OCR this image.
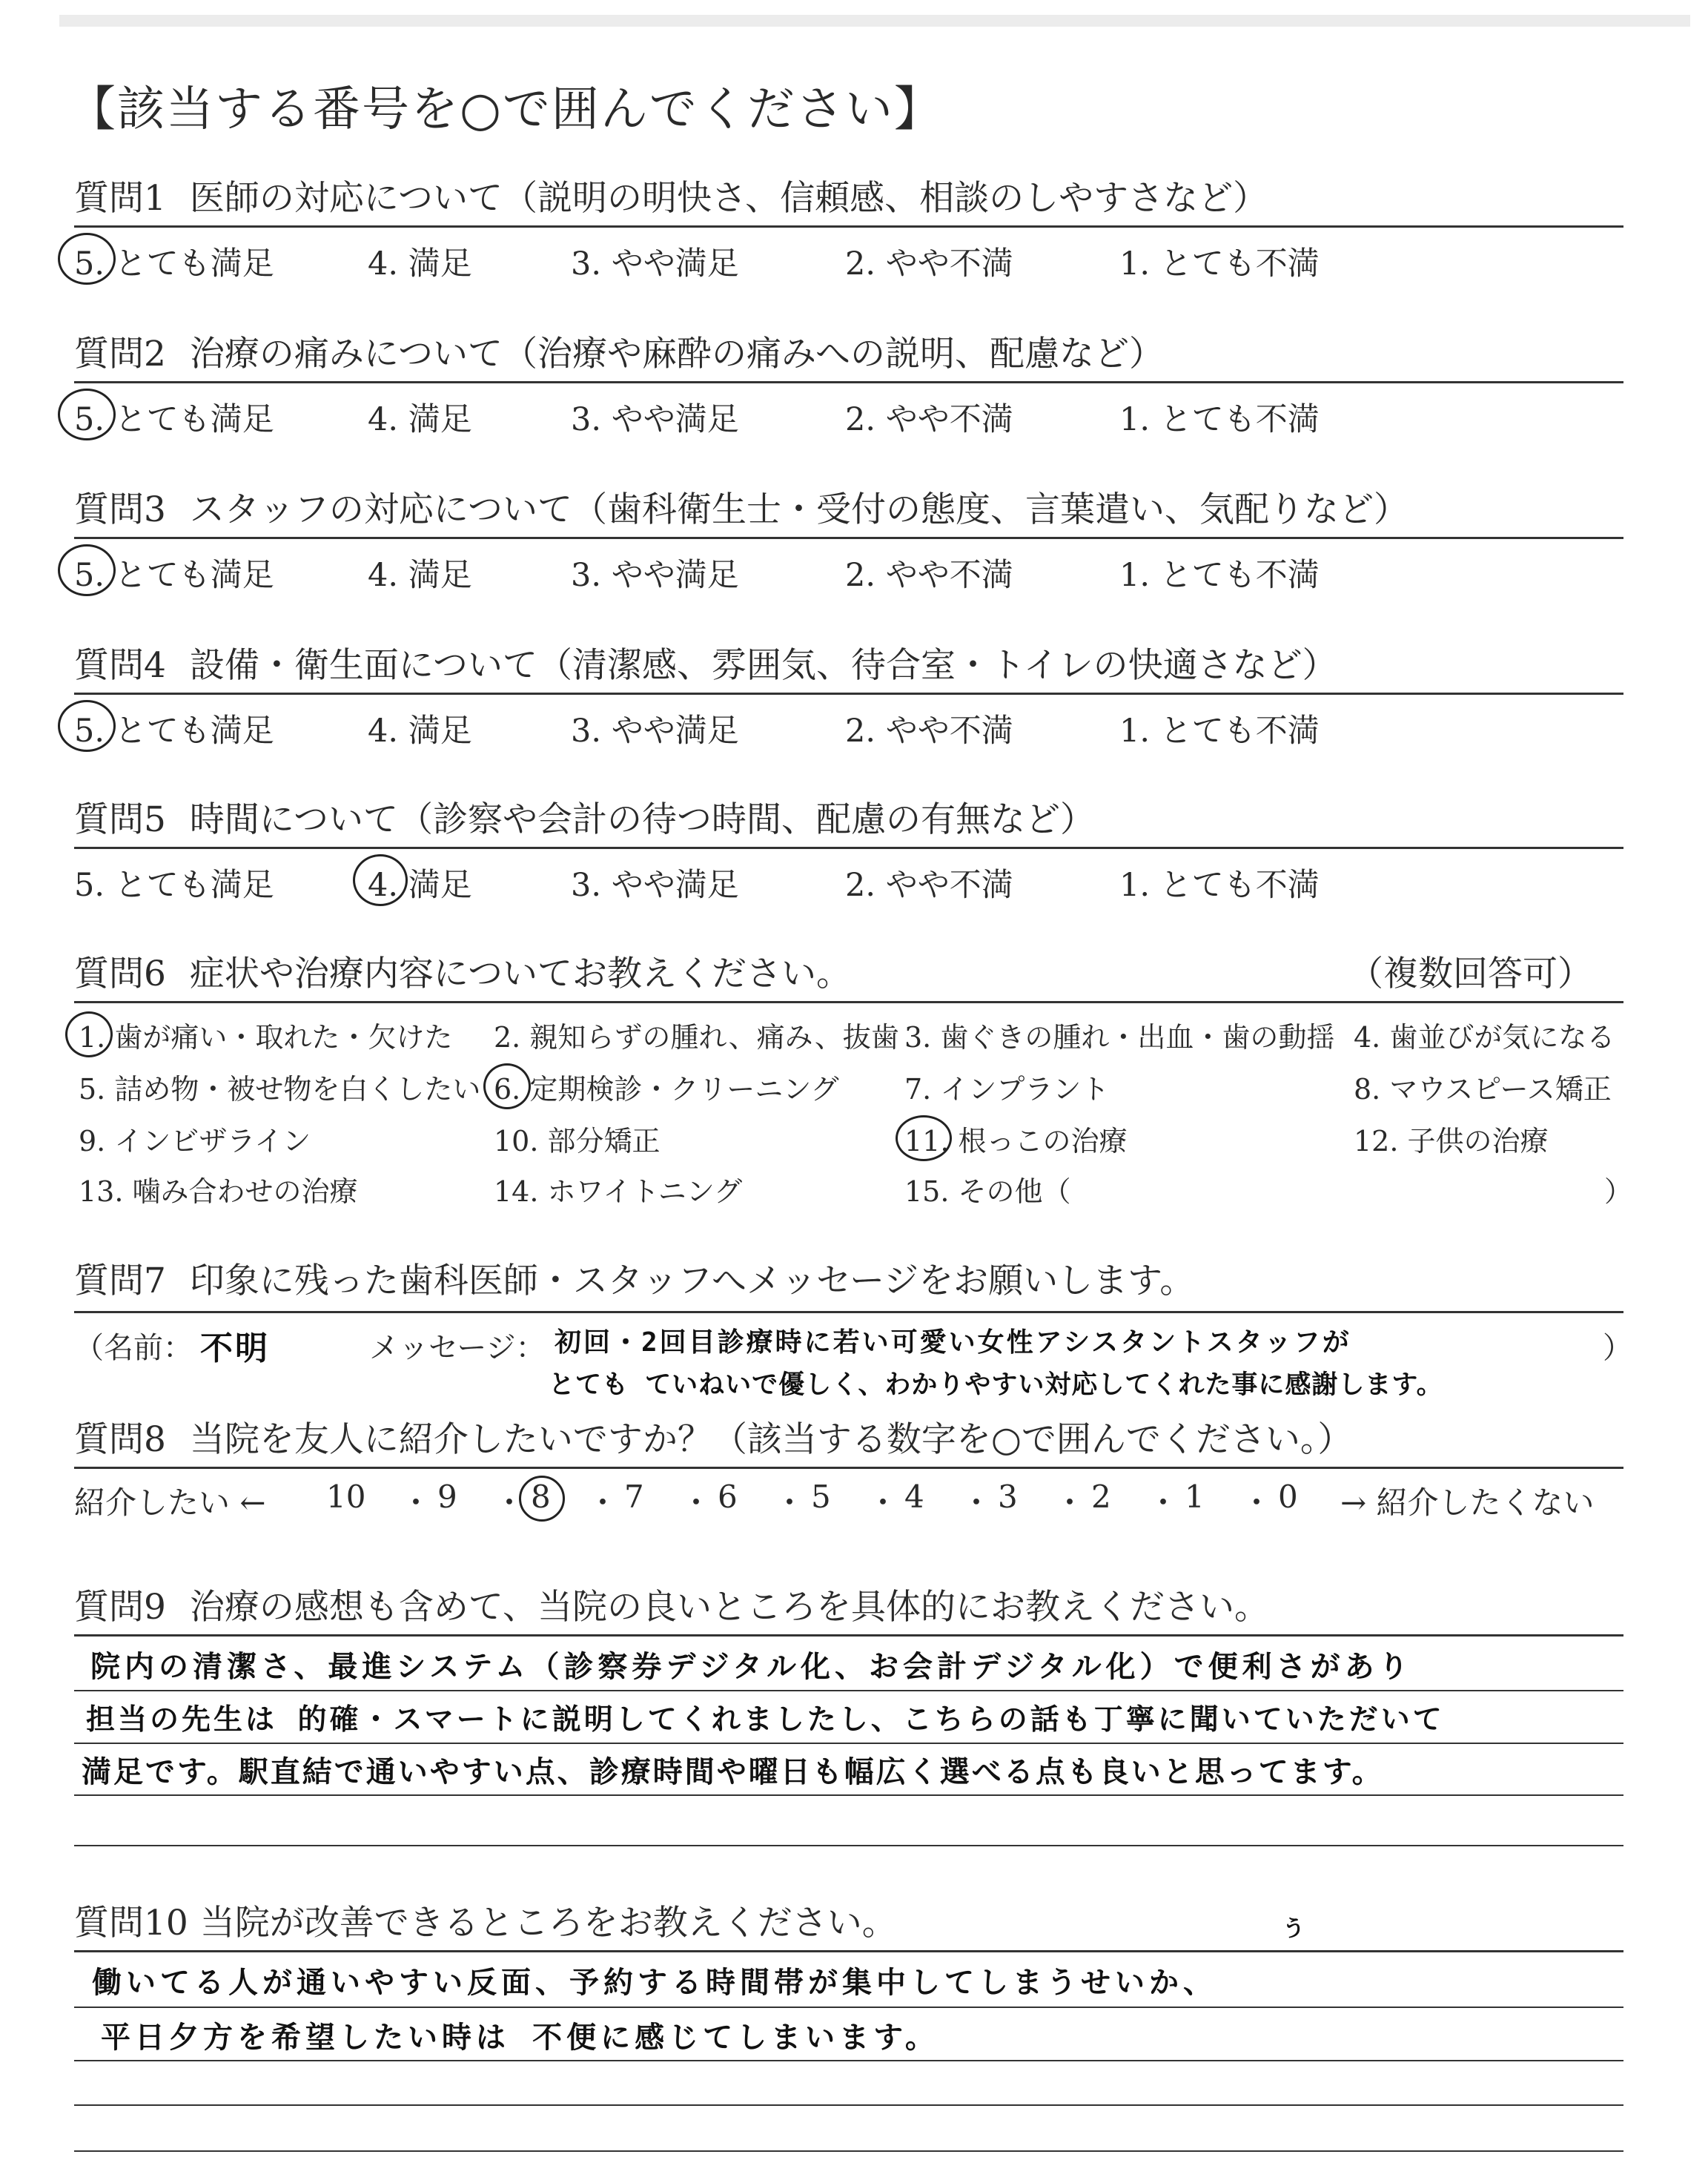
【該当する番号を○で囲んでください】
質問1 医師の対応について（説明の明快さ、信頼感、相談のしやすさなど）
5. とても満足	4. 満足	3. やや満足	2. やや不満	1. とても不満
質問2 治療の痛みについて（治療や麻酔の痛みへの説明、配慮など）
5. とても満足	4. 満足	3. やや満足	2. やや不満	1. とても不満
質問3 スタッフの対応について（歯科衛生士・受付の態度、言葉遣い、気配りなど）
5. とても満足	4. 満足	3. やや満足	2. やや不満	1. とても不満
質問4 設備・衛生面について（清潔感、雰囲気、待合室・トイレの快適さなど）
5. とても満足	4. 満足	3. やや満足	2. やや不満	1. とても不満
質問5 時間について（診察や会計の待つ時間、配慮の有無など）
5. とても満足	4. 満足	3. やや満足	2. やや不満	1. とても不満
質問6 症状や治療内容についてお教えください。	（複数回答可）
1. 歯が痛い・取れた・欠けた 2. 親知らずの腫れ、痛み、抜歯 3. 歯ぐきの腫れ・出血・歯の動揺 4. 歯並びが気になる
5. 詰め物・被せ物を白くしたい 6. 定期検診・クリーニング 7. インプラント	8. マウスピース矯正
9. インビザライン	10. 部分矯正	11. 根っこの治療	12. 子供の治療
13. 噛み合わせの治療	14. ホワイトニング	15. その他（	）
質問7 印象に残った歯科医師・スタッフへメッセージをお願いします。
（名前： 不明	メッセージ： 初回・2回目診療時に若い可愛い女性アシスタントスタッフが
とても ていねいで優しく、わかりやすい対応してくれた事に感謝します。
）
質問8 当院を友人に紹介したいですか？（該当する数字を○で囲んでください。）
紹介したい ← 10 9 8 7 6 5 4 3 2 1 0 → 紹介したくない
・ ・ ・ ・ ・ ・ ・ ・ ・ ・
質問9 治療の感想も含めて、当院の良いところを具体的にお教えください。
院内の清潔さ、最進システム（診察券デジタル化、お会計デジタル化）で便利さがあり
担当の先生は 的確・スマートに説明してくれましたし、こちらの話も丁寧に聞いていただいて
満足です。駅直結で通いやすい点、診療時間や曜日も幅広く選べる点も良いと思ってます。
質問10 当院が改善できるところをお教えください。	う
働いてる人が通いやすい反面、予約する時間帯が集中してしまうせいか、
平日夕方を希望したい時は 不便に感じてしまいます。
